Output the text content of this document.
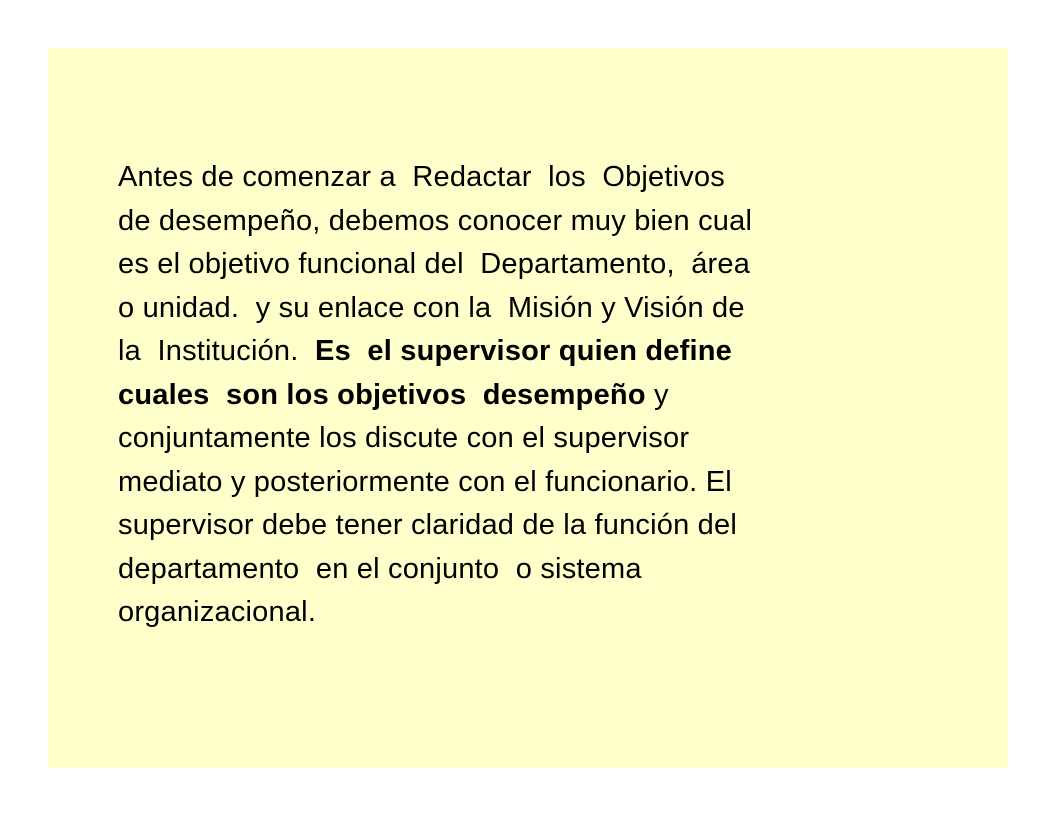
Antes de comenzar a  Redactar  los  Objetivos
de desempeño, debemos conocer muy bien cual
es el objetivo funcional del  Departamento,  área
o unidad.  y su enlace con la  Misión y Visión de
la  Institución.  Es  el supervisor quien define
cuales  son los objetivos  desempeño y
conjuntamente los discute con el supervisor
mediato y posteriormente con el funcionario. El
supervisor debe tener claridad de la función del
departamento  en el conjunto  o sistema
organizacional.
